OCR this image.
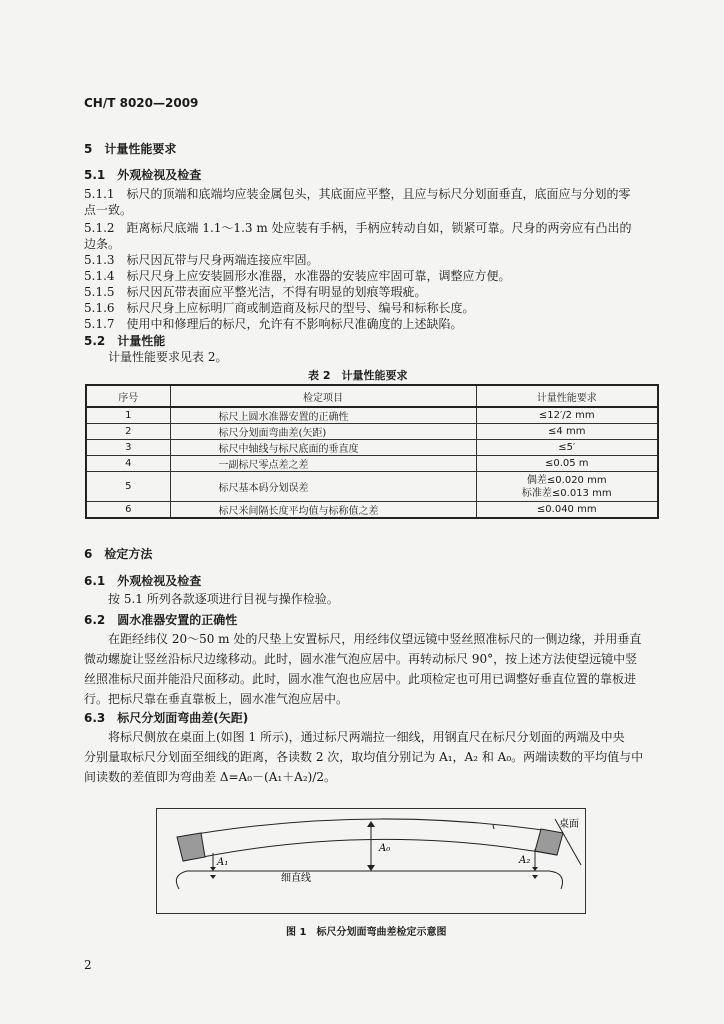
CH/T 8020—2009
5　计量性能要求
5.1　外观检视及检查
5.1.1　标尺的顶端和底端均应装金属包头，其底面应平整，且应与标尺分划面垂直，底面应与分划的零
点一致。
5.1.2　距离标尺底端 1.1～1.3 m 处应装有手柄，手柄应转动自如，锁紧可靠。尺身的两旁应有凸出的
边条。
5.1.3　标尺因瓦带与尺身两端连接应牢固。
5.1.4　标尺尺身上应安装圆形水准器，水准器的安装应牢固可靠，调整应方便。
5.1.5　标尺因瓦带表面应平整光洁，不得有明显的划痕等瑕疵。
5.1.6　标尺尺身上应标明厂商或制造商及标尺的型号、编号和标称长度。
5.1.7　使用中和修理后的标尺，允许有不影响标尺准确度的上述缺陷。
5.2　计量性能
计量性能要求见表 2。
表 2　计量性能要求
序号	检定项目	计量性能要求
1	标尺上圆水准器安置的正确性	≤12′/2 mm
2	标尺分划面弯曲差(矢距)	≤4 mm
3	标尺中轴线与标尺底面的垂直度	≤5′
4	一副标尺零点差之差	≤0.05 m
5	标尺基本码分划误差	偶差≤0.020 mm
标准差≤0.013 mm

6	标尺米间隔长度平均值与标称值之差	≤0.040 mm
6　检定方法
6.1　外观检视及检查
按 5.1 所列各款逐项进行目视与操作检验。
6.2　圆水准器安置的正确性
在距经纬仪 20～50 m 处的尺垫上安置标尺，用经纬仪望远镜中竖丝照准标尺的一侧边缘，并用垂直
微动螺旋让竖丝沿标尺边缘移动。此时，圆水准气泡应居中。再转动标尺 90°，按上述方法使望远镜中竖
丝照准标尺面并能沿尺面移动。此时，圆水准气泡也应居中。此项检定也可用已调整好垂直位置的靠板进
行。把标尺靠在垂直靠板上，圆水准气泡应居中。
6.3　标尺分划面弯曲差(矢距)
将标尺侧放在桌面上(如图 1 所示)，通过标尺两端拉一细线，用钢直尺在标尺分划面的两端及中央
分别量取标尺分划面至细线的距离，各读数 2 次，取均值分别记为 A₁，A₂ 和 A₀。两端读数的平均值与中
间读数的差值即为弯曲差 Δ=A₀－(A₁＋A₂)/2。
A₀
A₁	A₂
桌面
细直线
图 1　标尺分划面弯曲差检定示意图
2
